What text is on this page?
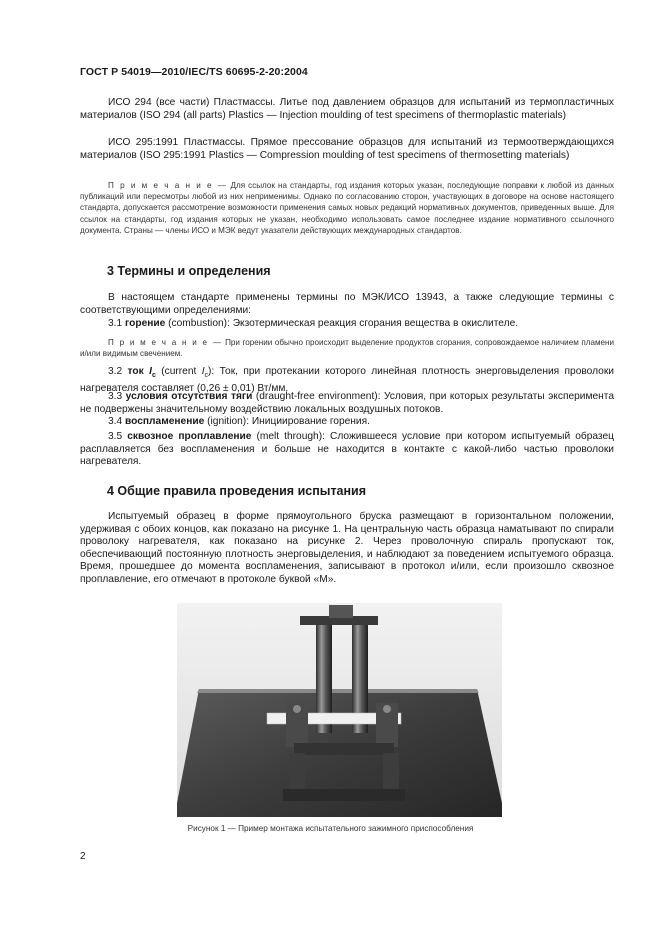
ГОСТ Р 54019—2010/IEC/TS 60695-2-20:2004
ИСО 294 (все части) Пластмассы. Литье под давлением образцов для испытаний из термопластичных материалов (ISO 294 (all parts) Plastics — Injection moulding of test specimens of thermoplastic materials)
ИСО 295:1991 Пластмассы. Прямое прессование образцов для испытаний из термоотверждающихся материалов (ISO 295:1991 Plastics — Compression moulding of test specimens of thermosetting materials)
П р и м е ч а н и е — Для ссылок на стандарты, год издания которых указан, последующие поправки к любой из данных публикаций или пересмотры любой из них неприменимы. Однако по согласованию сторон, участвующих в договоре на основе настоящего стандарта, допускается рассмотрение возможности применения самых новых редакций нормативных документов, приведенных выше. Для ссылок на стандарты, год издания которых не указан, необходимо использовать самое последнее издание нормативного ссылочного документа. Страны — члены ИСО и МЭК ведут указатели действующих международных стандартов.
3 Термины и определения
В настоящем стандарте применены термины по МЭК/ИСО 13943, а также следующие термины с соответствующими определениями:
3.1 горение (combustion): Экзотермическая реакция сгорания вещества в окислителе.
П р и м е ч а н и е — При горении обычно происходит выделение продуктов сгорания, сопровождаемое наличием пламени и/или видимым свечением.
3.2 ток $I_c$ (current $I_c$): Ток, при протекании которого линейная плотность энерговыделения проволоки нагревателя составляет (0,26 ± 0,01) Вт/мм.
3.3 условия отсутствия тяги (draught-free environment): Условия, при которых результаты эксперимента не подвержены значительному воздействию локальных воздушных потоков.
3.4 воспламенение (ignition): Инициирование горения.
3.5 сквозное проплавление (melt through): Сложившееся условие при котором испытуемый образец расплавляется без воспламенения и больше не находится в контакте с какой-либо частью проволоки нагревателя.
4 Общие правила проведения испытания
Испытуемый образец в форме прямоугольного бруска размещают в горизонтальном положении, удерживая с обоих концов, как показано на рисунке 1. На центральную часть образца наматывают по спирали проволоку нагревателя, как показано на рисунке 2. Через проволочную спираль пропускают ток, обеспечивающий постоянную плотность энерговыделения, и наблюдают за поведением испытуемого образца. Время, прошедшее до момента воспламенения, записывают в протокол и/или, если произошло сквозное проплавление, его отмечают в протоколе буквой «М».
Рисунок 1 — Пример монтажа испытательного зажимного приспособления
2
